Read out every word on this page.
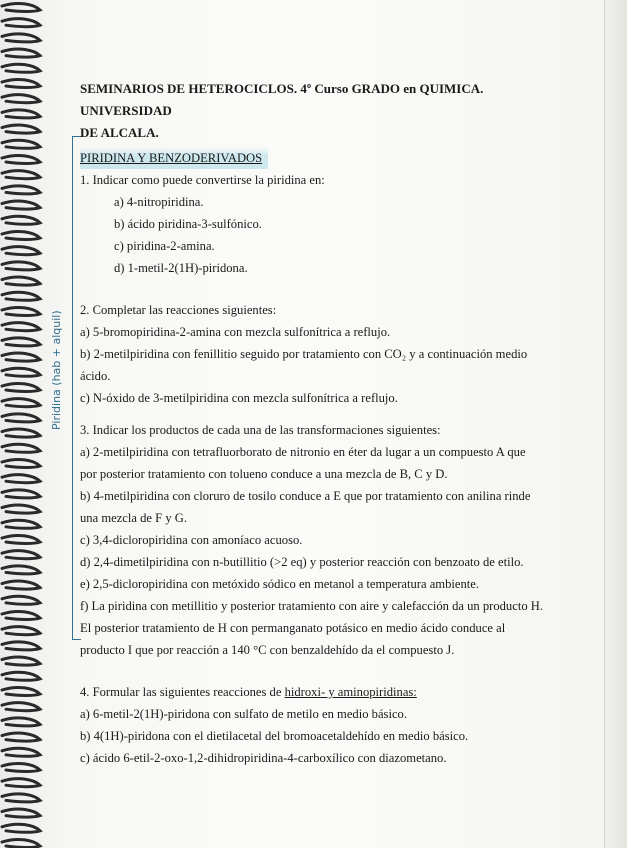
Piridina (hab + alquil)

SEMINARIOS DE HETEROCICLOS. 4º Curso GRADO en QUIMICA. UNIVERSIDAD

DE ALCALA.

PIRIDINA Y BENZODERIVADOS

1. Indicar como puede convertirse la piridina en:

a) 4-nitropiridina.

b) ácido piridina-3-sulfónico.

c) piridina-2-amina.

d) 1-metil-2(1H)-piridona.

2. Completar las reacciones siguientes:

a) 5-bromopiridina-2-amina con mezcla sulfonítrica a reflujo.

b) 2-metilpiridina con fenillitio seguido por tratamiento con CO₂ y a continuación medio

ácido.

c) N-óxido de 3-metilpiridina con mezcla sulfonítrica a reflujo.

3. Indicar los productos de cada una de las transformaciones siguientes:

a) 2-metilpiridina con tetrafluorborato de nitronio en éter da lugar a un compuesto A que

por posterior tratamiento con tolueno conduce a una mezcla de B, C y D.

b) 4-metilpiridina con cloruro de tosilo conduce a E que por tratamiento con anilina rinde

una mezcla de F y G.

c) 3,4-dicloropiridina con amoníaco acuoso.

d) 2,4-dimetilpiridina con n-butillitio (>2 eq) y posterior reacción con benzoato de etilo.

e) 2,5-dicloropiridina con metóxido sódico en metanol a temperatura ambiente.

f) La piridina con metillitio y posterior tratamiento con aire y calefacción da un producto H.

El posterior tratamiento de H con permanganato potásico en medio ácido conduce al

producto I que por reacción a 140 °C con benzaldehído da el compuesto J.

4. Formular las siguientes reacciones de hidroxi- y aminopiridinas:

a) 6-metil-2(1H)-piridona con sulfato de metilo en medio básico.

b) 4(1H)-piridona con el dietilacetal del bromoacetaldehído en medio básico.

c) ácido 6-etil-2-oxo-1,2-dihidropiridina-4-carboxílico con diazometano.
